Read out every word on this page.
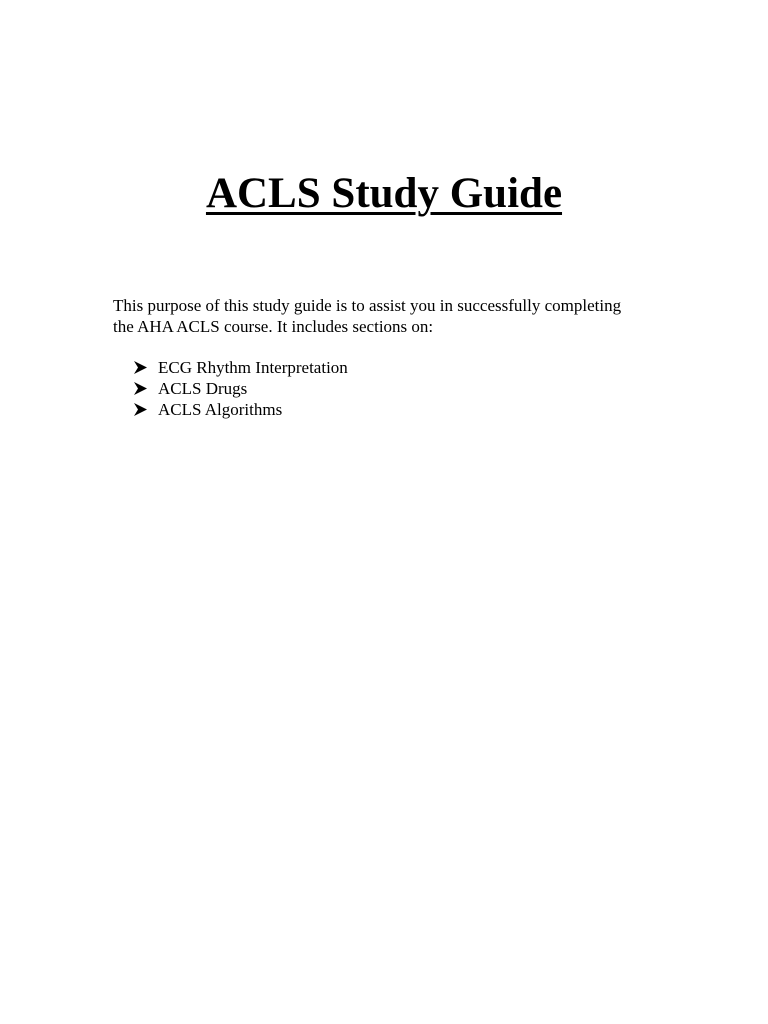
ACLS Study Guide

This purpose of this study guide is to assist you in successfully completing

the AHA ACLS course. It includes sections on:

ECG Rhythm Interpretation
ACLS Drugs
ACLS Algorithms
